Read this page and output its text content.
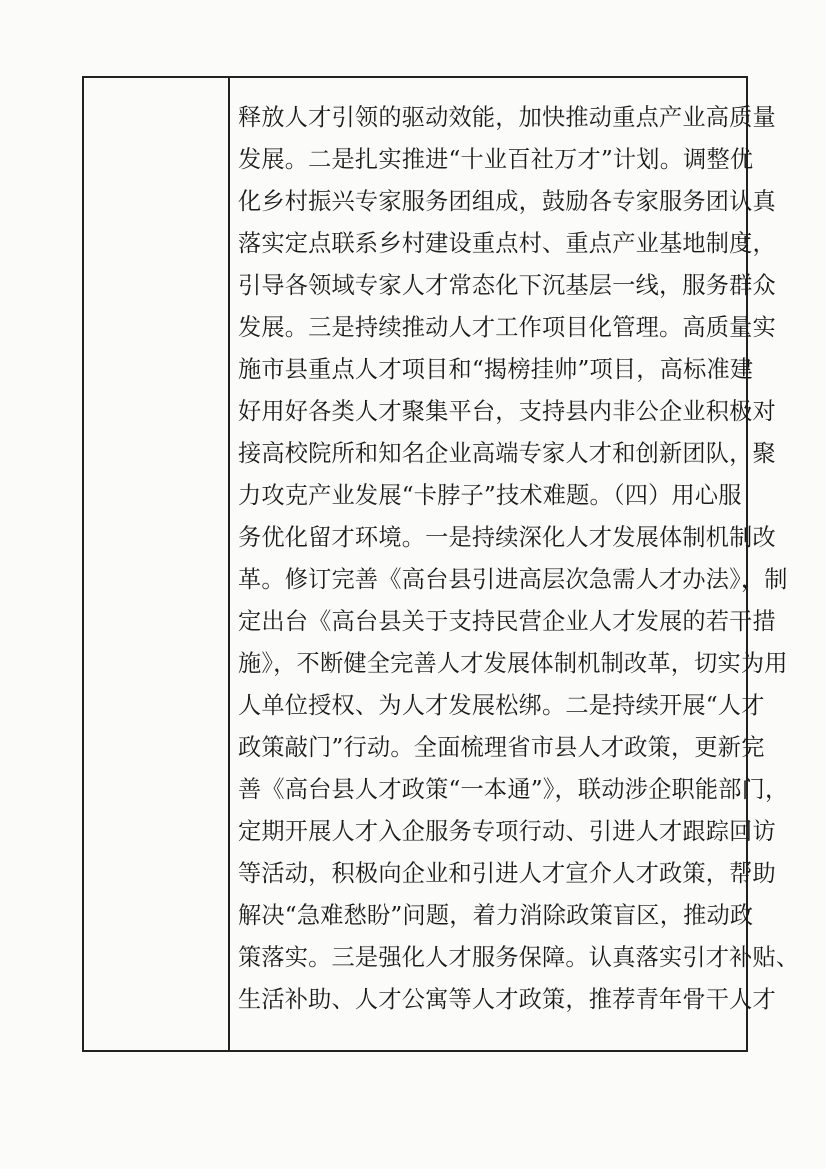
释放人才引领的驱动效能，加快推动重点产业高质量
发展。二是扎实推进“十业百社万才”计划。调整优
化乡村振兴专家服务团组成，鼓励各专家服务团认真
落实定点联系乡村建设重点村、重点产业基地制度，
引导各领域专家人才常态化下沉基层一线，服务群众
发展。三是持续推动人才工作项目化管理。高质量实
施市县重点人才项目和“揭榜挂帅”项目，高标准建
好用好各类人才聚集平台，支持县内非公企业积极对
接高校院所和知名企业高端专家人才和创新团队，聚
力攻克产业发展“卡脖子”技术难题。（四）用心服
务优化留才环境。一是持续深化人才发展体制机制改
革。修订完善《高台县引进高层次急需人才办法》，制
定出台《高台县关于支持民营企业人才发展的若干措
施》，不断健全完善人才发展体制机制改革，切实为用
人单位授权、为人才发展松绑。二是持续开展“人才
政策敲门”行动。全面梳理省市县人才政策，更新完
善《高台县人才政策“一本通”》，联动涉企职能部门，
定期开展人才入企服务专项行动、引进人才跟踪回访
等活动，积极向企业和引进人才宣介人才政策，帮助
解决“急难愁盼”问题，着力消除政策盲区，推动政
策落实。三是强化人才服务保障。认真落实引才补贴、
生活补助、人才公寓等人才政策，推荐青年骨干人才
